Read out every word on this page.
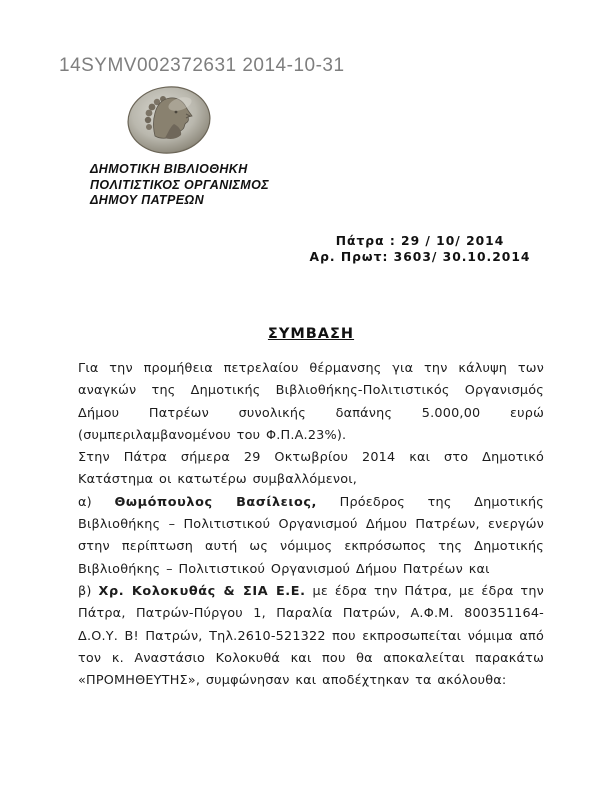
14SYMV002372631 2014-10-31
ΔΗΜΟΤΙΚΗ ΒΙΒΛΙΟΘΗΚΗ
ΠΟΛΙΤΙΣΤΙΚΟΣ ΟΡΓΑΝΙΣΜΟΣ
ΔΗΜΟΥ ΠΑΤΡΕΩΝ
Πάτρα : 29 / 10/ 2014
Αρ. Πρωτ: 3603/ 30.10.2014
ΣΥΜΒΑΣΗ

Για την προμήθεια πετρελαίου θέρμανσης για την κάλυψη των αναγκών της Δημοτικής Βιβλιοθήκης-Πολιτιστικός Οργανισμός Δήμου Πατρέων συνολικής δαπάνης 5.000,00 ευρώ (συμπεριλαμβανομένου του Φ.Π.Α.23%).

Στην Πάτρα σήμερα 29 Οκτωβρίου 2014 και στο Δημοτικό Κατάστημα οι κατωτέρω συμβαλλόμενοι,

α) Θωμόπουλος Βασίλειος, Πρόεδρος της Δημοτικής Βιβλιοθήκης – Πολιτιστικού Οργανισμού Δήμου Πατρέων, ενεργών στην περίπτωση αυτή ως νόμιμος εκπρόσωπος της Δημοτικής Βιβλιοθήκης – Πολιτιστικού Οργανισμού Δήμου Πατρέων και

β) Χρ. Κολοκυθάς & ΣΙΑ Ε.Ε. με έδρα την Πάτρα, με έδρα την Πάτρα, Πατρών-Πύργου 1, Παραλία Πατρών, Α.Φ.Μ. 800351164-Δ.Ο.Υ. Β! Πατρών, Τηλ.2610-521322 που εκπροσωπείται νόμιμα από τον κ. Αναστάσιο Κολοκυθά και που θα αποκαλείται παρακάτω «ΠΡΟΜΗΘΕΥΤΗΣ», συμφώνησαν και αποδέχτηκαν τα ακόλουθα:
